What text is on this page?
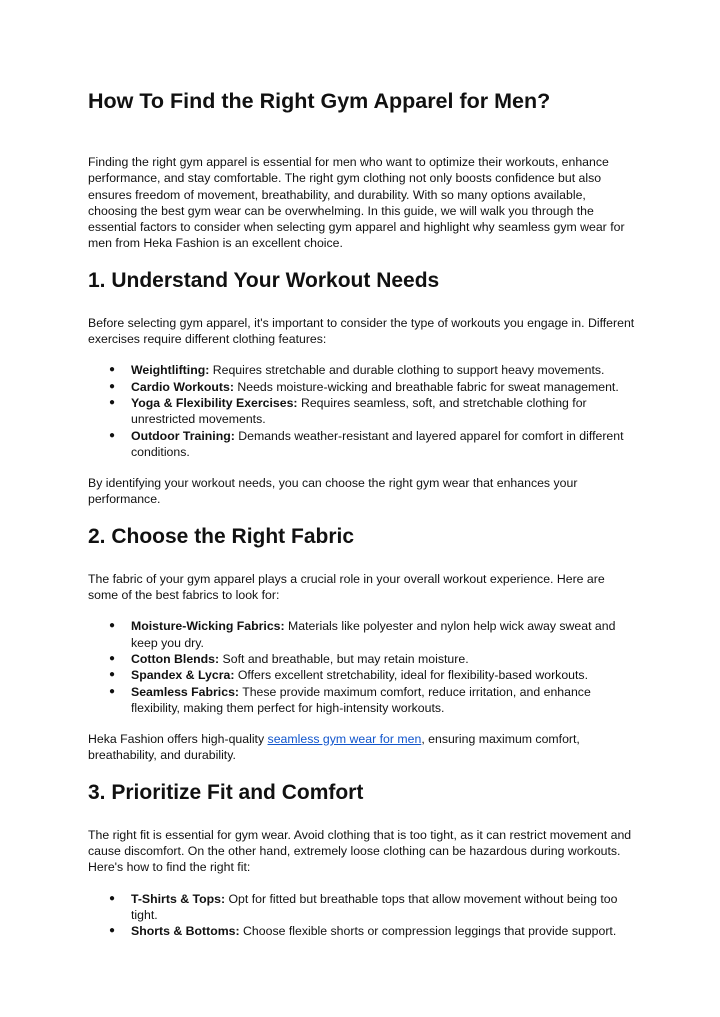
How To Find the Right Gym Apparel for Men?

Finding the right gym apparel is essential for men who want to optimize their workouts, enhance performance, and stay comfortable. The right gym clothing not only boosts confidence but also ensures freedom of movement, breathability, and durability. With so many options available, choosing the best gym wear can be overwhelming. In this guide, we will walk you through the essential factors to consider when selecting gym apparel and highlight why seamless gym wear for men from Heka Fashion is an excellent choice.

1. Understand Your Workout Needs

Before selecting gym apparel, it's important to consider the type of workouts you engage in. Different exercises require different clothing features:

● Weightlifting: Requires stretchable and durable clothing to support heavy movements.
● Cardio Workouts: Needs moisture-wicking and breathable fabric for sweat management.
● Yoga & Flexibility Exercises: Requires seamless, soft, and stretchable clothing for unrestricted movements.
● Outdoor Training: Demands weather-resistant and layered apparel for comfort in different conditions.

By identifying your workout needs, you can choose the right gym wear that enhances your performance.

2. Choose the Right Fabric

The fabric of your gym apparel plays a crucial role in your overall workout experience. Here are some of the best fabrics to look for:

● Moisture-Wicking Fabrics: Materials like polyester and nylon help wick away sweat and keep you dry.
● Cotton Blends: Soft and breathable, but may retain moisture.
● Spandex & Lycra: Offers excellent stretchability, ideal for flexibility-based workouts.
● Seamless Fabrics: These provide maximum comfort, reduce irritation, and enhance flexibility, making them perfect for high-intensity workouts.

Heka Fashion offers high-quality seamless gym wear for men, ensuring maximum comfort, breathability, and durability.

3. Prioritize Fit and Comfort

The right fit is essential for gym wear. Avoid clothing that is too tight, as it can restrict movement and cause discomfort. On the other hand, extremely loose clothing can be hazardous during workouts. Here's how to find the right fit:

● T-Shirts & Tops: Opt for fitted but breathable tops that allow movement without being too tight.
● Shorts & Bottoms: Choose flexible shorts or compression leggings that provide support.
